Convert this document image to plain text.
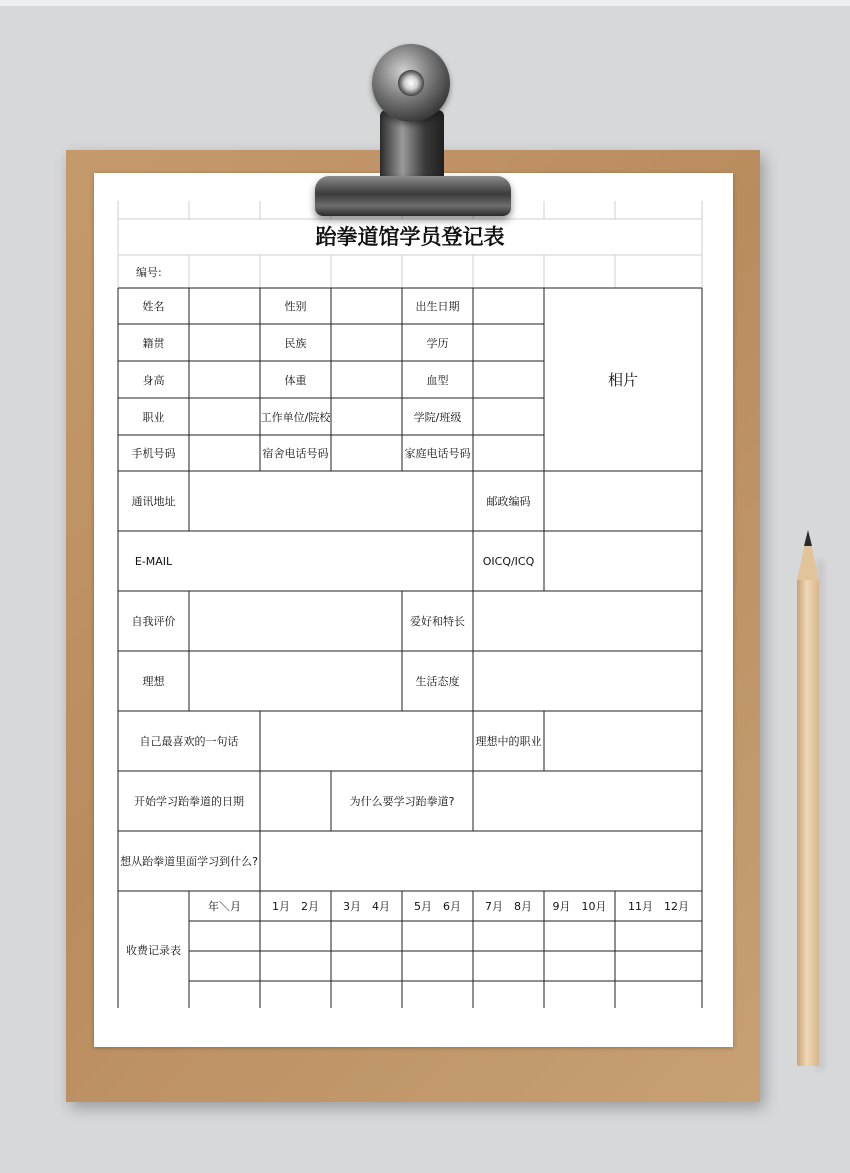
跆拳道馆学员登记表
编号:
姓名	性别	出生日期
籍贯	民族	学历
身高	体重	血型
职业	工作单位/院校	学院/班级
手机号码	宿舍电话号码	家庭电话号码
相片
通讯地址	邮政编码
E-MAIL	OICQ/ICQ
自我评价	爱好和特长
理想	生活态度
自己最喜欢的一句话	理想中的职业
开始学习跆拳道的日期	为什么要学习跆拳道?
想从跆拳道里面学习到什么?
收费记录表
年＼月	1月　2月	3月　4月	5月　6月	7月　8月	9月　10月	11月　12月
